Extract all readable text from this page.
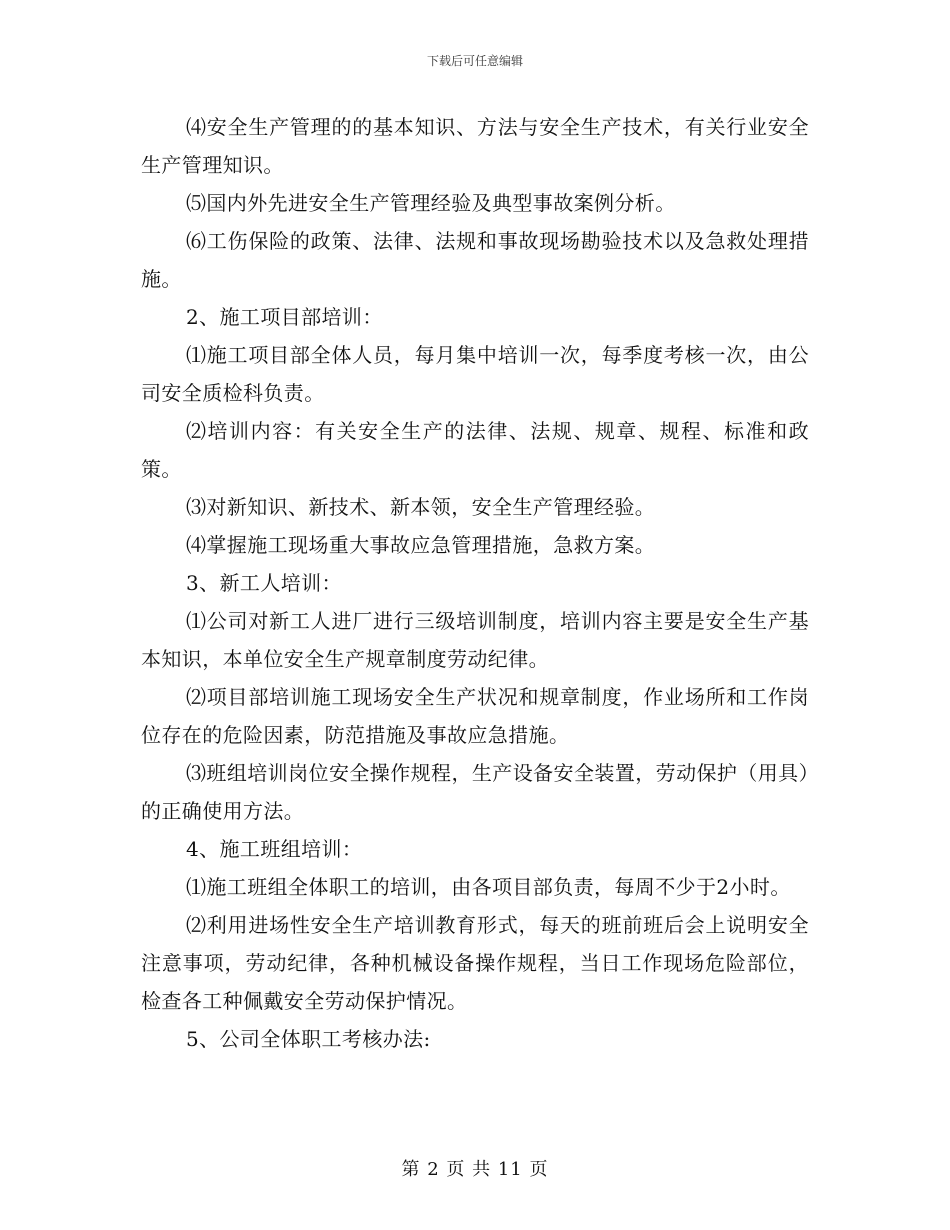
下载后可任意编辑

⑷安全生产管理的的基本知识、方法与安全生产技术，有关行业安全生产管理知识。

⑸国内外先进安全生产管理经验及典型事故案例分析。

⑹工伤保险的政策、法律、法规和事故现场勘验技术以及急救处理措施。

2、施工项目部培训：

⑴施工项目部全体人员，每月集中培训一次，每季度考核一次，由公司安全质检科负责。

⑵培训内容：有关安全生产的法律、法规、规章、规程、标准和政策。

⑶对新知识、新技术、新本领，安全生产管理经验。

⑷掌握施工现场重大事故应急管理措施，急救方案。

3、新工人培训：

⑴公司对新工人进厂进行三级培训制度，培训内容主要是安全生产基本知识，本单位安全生产规章制度劳动纪律。

⑵项目部培训施工现场安全生产状况和规章制度，作业场所和工作岗位存在的危险因素，防范措施及事故应急措施。

⑶班组培训岗位安全操作规程，生产设备安全装置，劳动保护（用具）的正确使用方法。

4、施工班组培训：

⑴施工班组全体职工的培训，由各项目部负责，每周不少于2小时。

⑵利用进场性安全生产培训教育形式，每天的班前班后会上说明安全注意事项，劳动纪律，各种机械设备操作规程，当日工作现场危险部位，检查各工种佩戴安全劳动保护情况。

5、公司全体职工考核办法:

第 2 页 共 11 页
